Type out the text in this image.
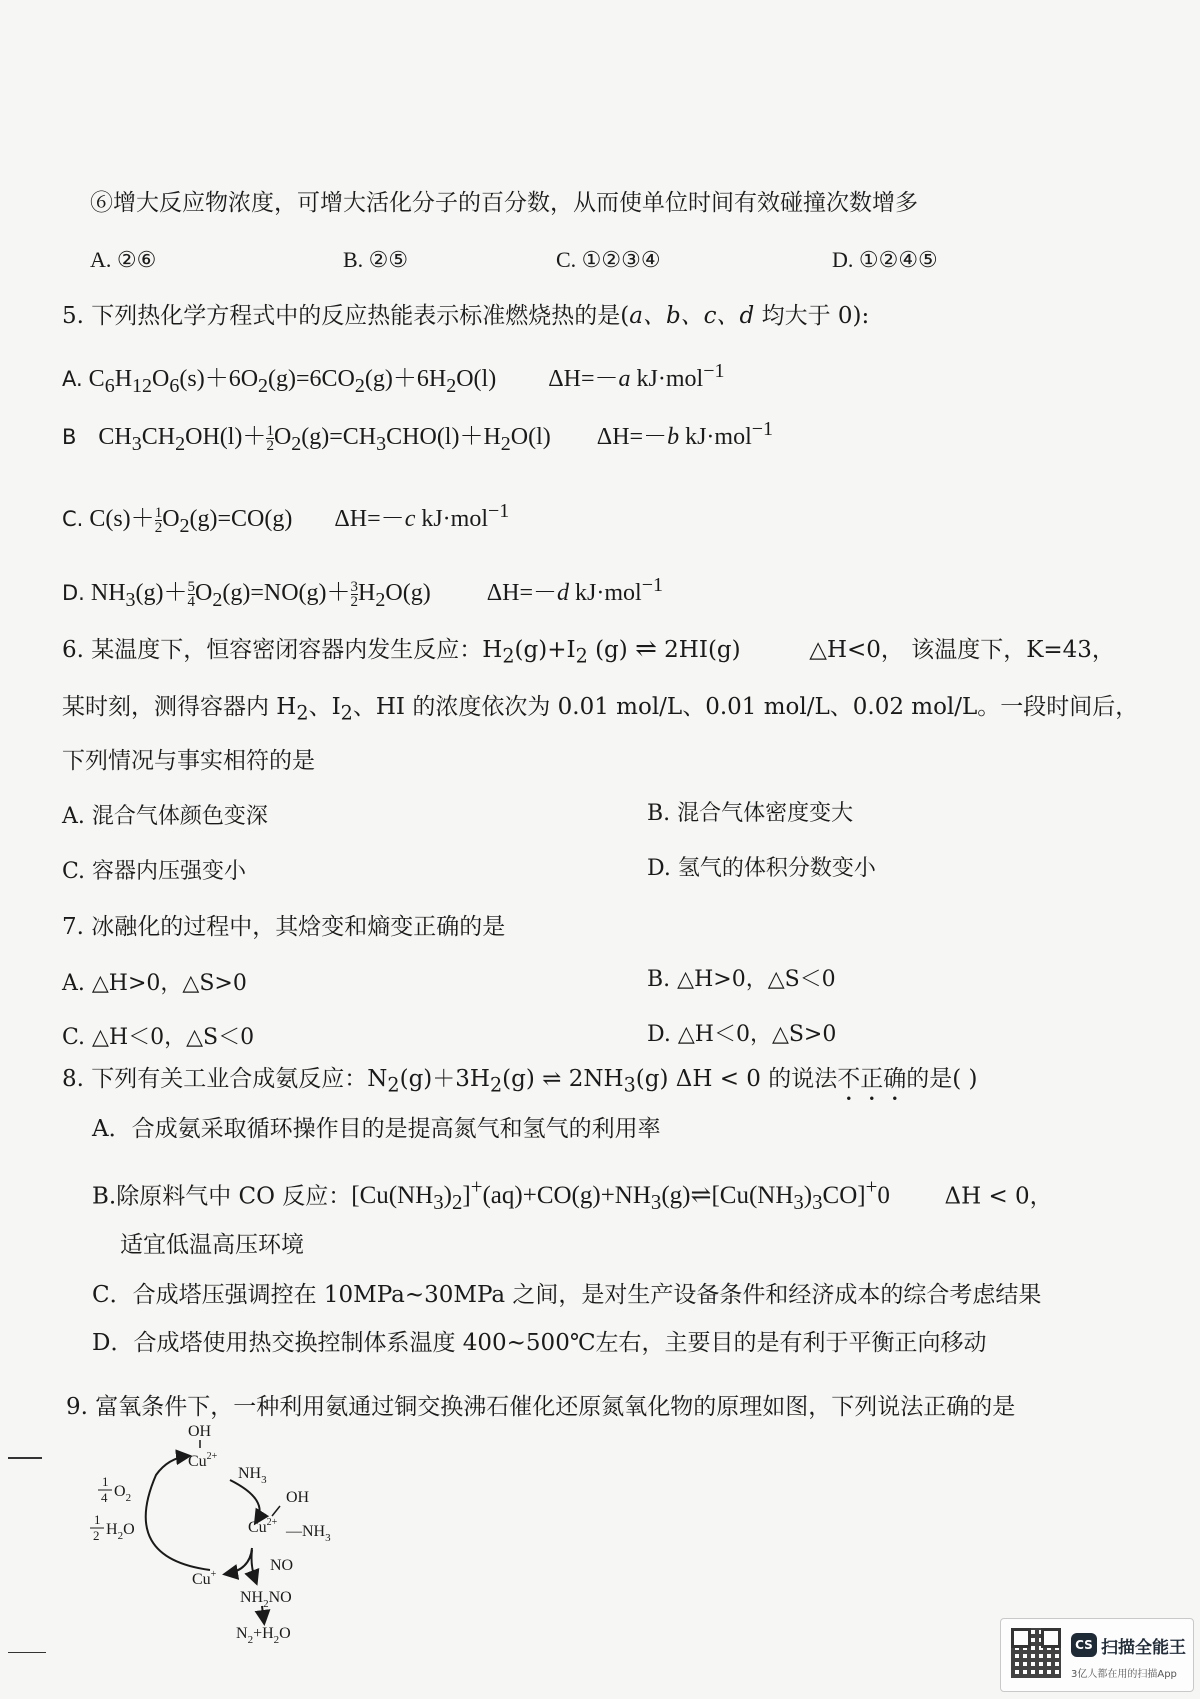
⑥增大反应物浓度，可增大活化分子的百分数，从而使单位时间有效碰撞次数增多
A. ②⑥	B. ②⑤	C. ①②③④	D. ①②④⑤
5. 下列热化学方程式中的反应热能表示标准燃烧热的是(a、b、c、d 均大于 0):
A. $C_6H_{12}O_6(s)+6O_2(g)=6CO_2(g)+6H_2O(l)$ ΔH=－a kJ·mol$^{-1}$
B $CH_3CH_2OH(l)+ \frac{1}{2} O_2(g)=CH_3CHO(l)+H_2O(l)$ ΔH=－b kJ·mol$^{-1}$
C. $C(s)+ \frac{1}{2} O_2(g)=CO(g)$ ΔH=－c kJ·mol$^{-1}$
D. $NH_3(g)+ \frac{5}{4} O_2(g)=NO(g)+ \frac{3}{2} H_2O(g)$ ΔH=－d kJ·mol$^{-1}$
6. 某温度下，恒容密闭容器内发生反应：$H_2(g)+I_2$ (g) ⇌ 2HI(g)	△H<0， 该温度下，K=43，
某时刻，测得容器内 $H_2$、$I_2$、HI 的浓度依次为 0.01 mol/L、0.01 mol/L、0.02 mol/L。一段时间后，
下列情况与事实相符的是
A. 混合气体颜色变深	B. 混合气体密度变大
C. 容器内压强变小	D. 氢气的体积分数变小
7. 冰融化的过程中，其焓变和熵变正确的是
A. △H>0，△S>0	B. △H>0，△S＜0
C. △H＜0，△S＜0	D. △H＜0，△S>0
8. 下列有关工业合成氨反应：$N_2(g)+3H_2(g)$ ⇌ $2NH_3(g) \Delta H < 0$ 的说法不正确的是( )
A．合成氨采取循环操作目的是提高氮气和氢气的利用率
B.除原料气中 CO 反应：$[Cu(NH_3)_2]^+(aq)+CO(g)+NH_3(g)\rightleftharpoons[Cu(NH_3)_3CO]^+0$ ΔH < 0，
适宜低温高压环境
C．合成塔压强调控在 10MPa~30MPa 之间，是对生产设备条件和经济成本的综合考虑结果
D．合成塔使用热交换控制体系温度 400~500℃左右，主要目的是有利于平衡正向移动
9. 富氧条件下，一种利用氨通过铜交换沸石催化还原氮氧化物的原理如图，下列说法正确的是
OH
$Cu^{2+}$
$NH_3$
OH
$Cu^{2+}$
$—NH_3$
NO
Cu+
$NH_2NO$
$N_2+H_2O$
1
4 $O_2$
1
2 $H_2O$
CS 扫描全能王
3亿人都在用的扫描App
